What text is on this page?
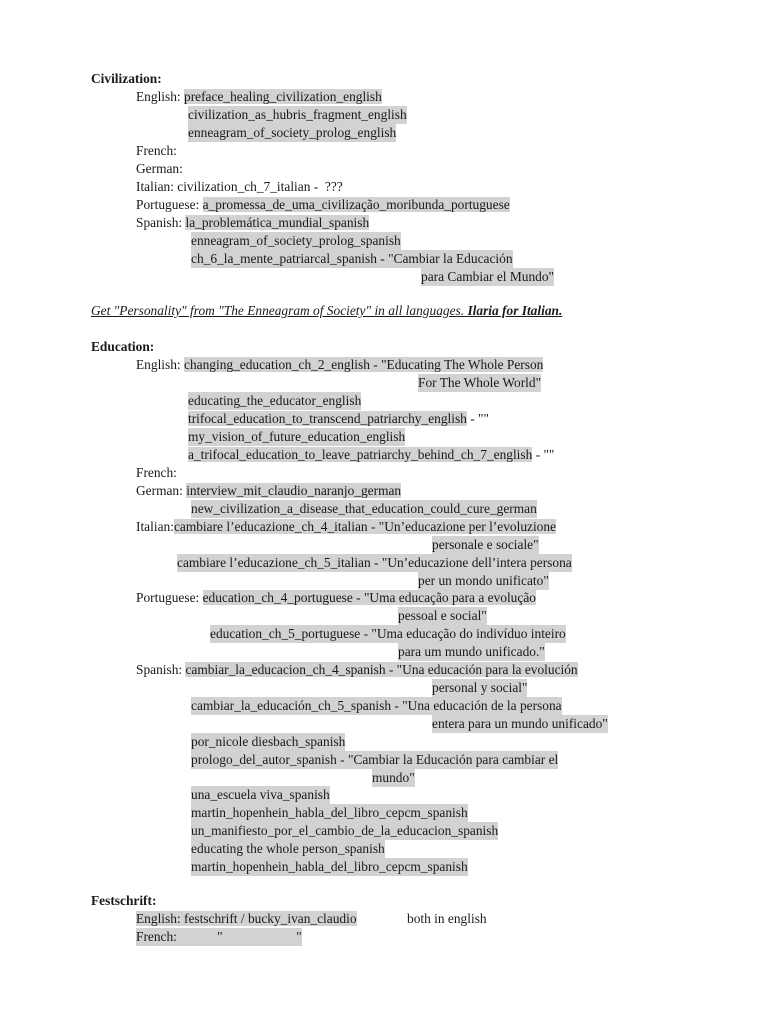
Civilization:
English: preface_healing_civilization_english
civilization_as_hubris_fragment_english
enneagram_of_society_prolog_english
French:
German:
Italian: civilization_ch_7_italian -  ???
Portuguese: a_promessa_de_uma_civilização_moribunda_portuguese
Spanish: la_problemática_mundial_spanish
enneagram_of_society_prolog_spanish
ch_6_la_mente_patriarcal_spanish - "Cambiar la Educación
para Cambiar el Mundo"
Get "Personality" from "The Enneagram of Society" in all languages. Ilaria for Italian.
Education:
English: changing_education_ch_2_english - "Educating The Whole Person
For The Whole World"
educating_the_educator_english
trifocal_education_to_transcend_patriarchy_english - ""
my_vision_of_future_education_english
a_trifocal_education_to_leave_patriarchy_behind_ch_7_english - ""
French:
German: interview_mit_claudio_naranjo_german
new_civilization_a_disease_that_education_could_cure_german
Italian:cambiare l’educazione_ch_4_italian - "Un’educazione per l’evoluzione
personale e sociale"
cambiare l’educazione_ch_5_italian - "Un’educazione dell’intera persona
per un mondo unificato"
Portuguese: education_ch_4_portuguese - "Uma educação para a evolução
pessoal e social"
education_ch_5_portuguese - "Uma educação do indivíduo inteiro
para um mundo unificado."
Spanish: cambiar_la_educacion_ch_4_spanish - "Una educación para la evolución
personal y social"
cambiar_la_educación_ch_5_spanish - "Una educación de la persona
entera para un mundo unificado"
por_nicole diesbach_spanish
prologo_del_autor_spanish - "Cambiar la Educación para cambiar el
mundo"
una_escuela viva_spanish
martin_hopenhein_habla_del_libro_cepcm_spanish
un_manifiesto_por_el_cambio_de_la_educacion_spanish
educating the whole person_spanish
martin_hopenhein_habla_del_libro_cepcm_spanish
Festschrift:
English: festschrift / bucky_ivan_claudio	both in english
French:            "                      "
